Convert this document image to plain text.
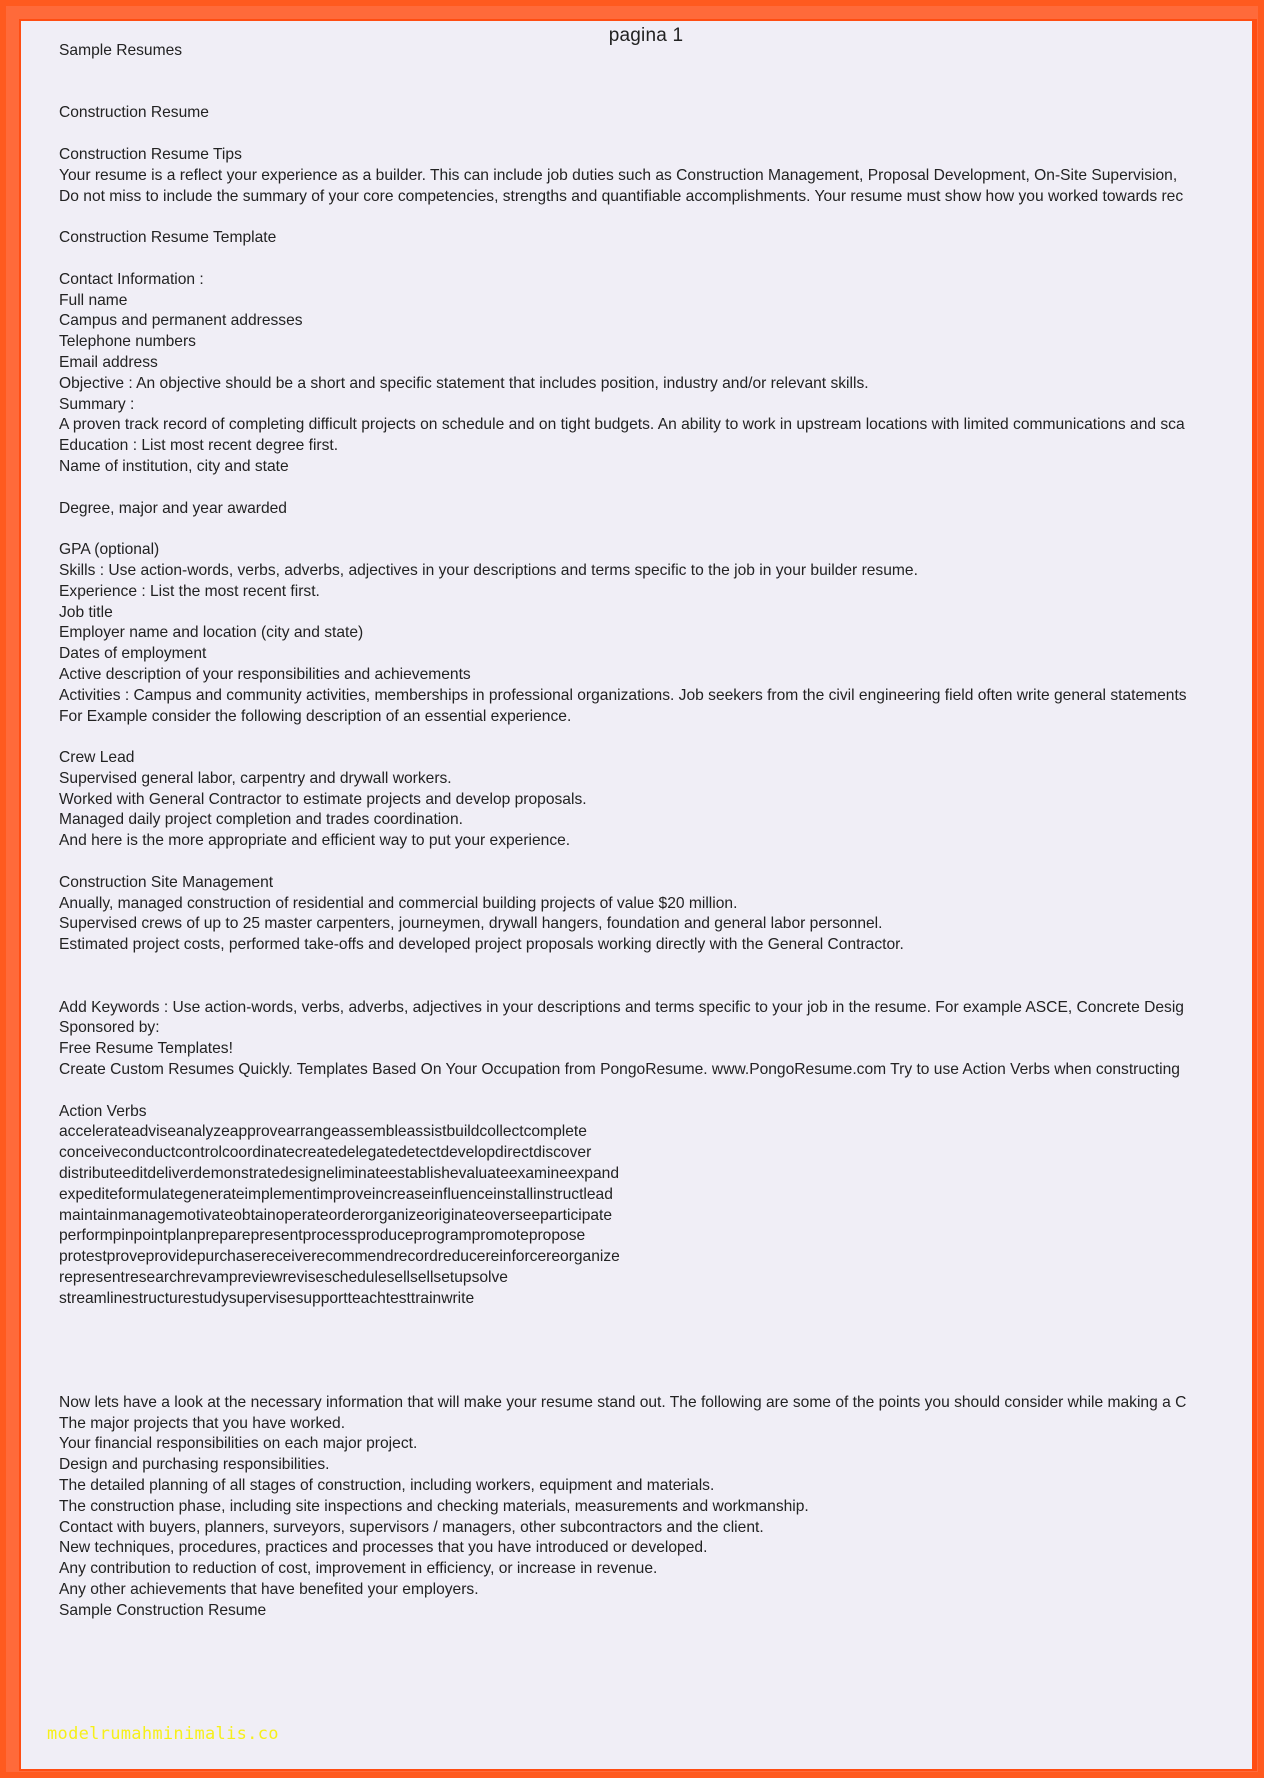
pagina 1
Sample Resumes
Construction Resume
Construction Resume Tips
Your resume is a reflect your experience as a builder. This can include job duties such as Construction Management, Proposal Development, On-Site Supervision,
Do not miss to include the summary of your core competencies, strengths and quantifiable accomplishments. Your resume must show how you worked towards rec
Construction Resume Template
Contact Information :
Full name
Campus and permanent addresses
Telephone numbers
Email address
Objective : An objective should be a short and specific statement that includes position, industry and/or relevant skills.
Summary :
A proven track record of completing difficult projects on schedule and on tight budgets. An ability to work in upstream locations with limited communications and sca
Education : List most recent degree first.
Name of institution, city and state
Degree, major and year awarded
GPA (optional)
Skills : Use action-words, verbs, adverbs, adjectives in your descriptions and terms specific to the job in your builder resume.
Experience : List the most recent first.
Job title
Employer name and location (city and state)
Dates of employment
Active description of your responsibilities and achievements
Activities : Campus and community activities, memberships in professional organizations. Job seekers from the civil engineering field often write general statements
For Example consider the following description of an essential experience.
Crew Lead
Supervised general labor, carpentry and drywall workers.
Worked with General Contractor to estimate projects and develop proposals.
Managed daily project completion and trades coordination.
And here is the more appropriate and efficient way to put your experience.
Construction Site Management
Anually, managed construction of residential and commercial building projects of value $20 million.
Supervised crews of up to 25 master carpenters, journeymen, drywall hangers, foundation and general labor personnel.
Estimated project costs, performed take-offs and developed project proposals working directly with the General Contractor.
Add Keywords : Use action-words, verbs, adverbs, adjectives in your descriptions and terms specific to your job in the resume. For example ASCE, Concrete Desig
Sponsored by:
Free Resume Templates!
Create Custom Resumes Quickly. Templates Based On Your Occupation from PongoResume. www.PongoResume.com Try to use Action Verbs when constructing
Action Verbs
accelerateadviseanalyzeapprovearrangeassembleassistbuildcollectcomplete
conceiveconductcontrolcoordinatecreatedelegatedetectdevelopdirectdiscover
distributeeditdeliverdemonstratedesigneliminateestablishevaluateexamineexpand
expediteformulategenerateimplementimproveincreaseinfluenceinstallinstructlead
maintainmanagemotivateobtainoperateorderorganizeoriginateoverseeparticipate
performpinpointplanpreparepresentprocessproduceprogrampromotepropose
protestproveprovidepurchasereceiverecommendrecordreducereinforcereorganize
representresearchrevampreviewreviseschedulesellsellsetupsolve
streamlinestructurestudysupervisesupportteachtesttrainwrite
Now lets have a look at the necessary information that will make your resume stand out. The following are some of the points you should consider while making a C
The major projects that you have worked.
Your financial responsibilities on each major project.
Design and purchasing responsibilities.
The detailed planning of all stages of construction, including workers, equipment and materials.
The construction phase, including site inspections and checking materials, measurements and workmanship.
Contact with buyers, planners, surveyors, supervisors / managers, other subcontractors and the client.
New techniques, procedures, practices and processes that you have introduced or developed.
Any contribution to reduction of cost, improvement in efficiency, or increase in revenue.
Any other achievements that have benefited your employers.
Sample Construction Resume
modelrumahminimalis.co
